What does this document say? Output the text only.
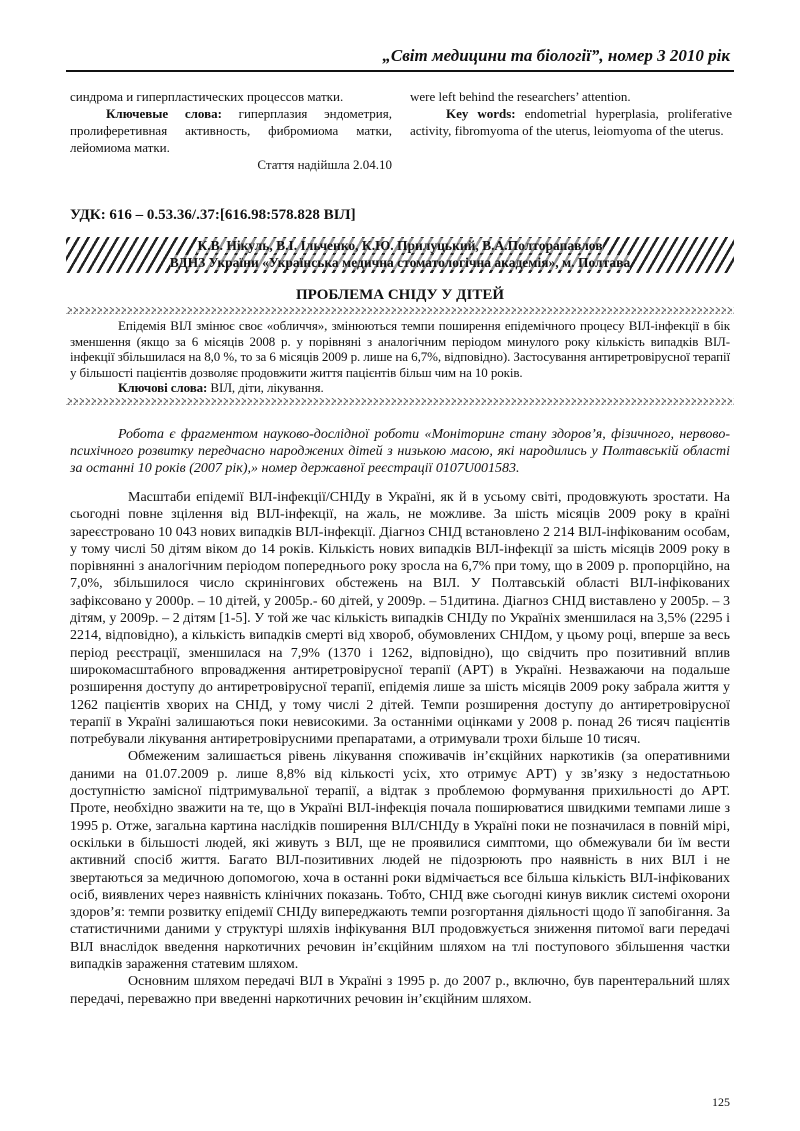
„Світ медицини та біології”, номер 3 2010 рік

синдрома и гиперпластических процессов матки.

Ключевые слова: гиперплазия эндометрия, пролиферетивная активность, фибромиома матки, лейомиома матки.

Стаття надійшла 2.04.10

were left behind the researchers’ attention.

Key words: endometrial hyperplasia, proliferative activity, fibromyoma of the uterus, leiomyoma of the uterus.

УДК: 616 – 0.53.36/.37:[616.98:578.828 ВІЛ]
К.В. Нікуль, В.І. Ільченко, К.Ю. Прилуцький, В.А.Полторапавлов
ВДНЗ України «Українська медична стоматологічна академія», м. Полтава
ПРОБЛЕМА СНІДУ У ДІТЕЙ

Епідемія ВІЛ змінює своє «обличчя», змінюються темпи поширення епідемічного процесу ВІЛ-інфекції в бік зменшення (якщо за 6 місяців 2008 р. у порівняні з аналогічним періодом минулого року кількість випадків ВІЛ-інфекції збільшилася на 8,0 %, то за 6 місяців 2009 р. лише на 6,7%, відповідно). Застосування антиретровірусної терапії у більшості пацієнтів дозволяє продовжити життя пацієнтів більш чим на 10 років.

Ключові слова: ВІЛ, діти, лікування.

Робота є фрагментом науково-дослідної роботи «Моніторинг стану здоров’я, фізичного, нервово-психічного розвитку передчасно народжених дітей з низькою масою, які народились у Полтавській області за останні 10 років (2007 рік),» номер державної реєстрації 0107U001583.

Масштаби епідемії ВІЛ-інфекції/СНІДу в Україні, як й в усьому світі, продовжують зростати. На сьогодні повне зцілення від ВІЛ-інфекції, на жаль, не можливе. За шість місяців 2009 року в країні зареєстровано 10 043 нових випадків ВІЛ-інфекції. Діагноз СНІД встановлено 2 214 ВІЛ-інфікованим особам, у тому числі 50 дітям віком до 14 років. Кількість нових випадків ВІЛ-інфекції за шість місяців 2009 року в порівнянні з аналогічним періодом попереднього року зросла на 6,7% при тому, що в 2009 р. пропорційно, на 7,0%, збільшилося число скринінгових обстежень на ВІЛ. У Полтавській області ВІЛ-інфікованих зафіксовано у 2000р. – 10 дітей, у 2005р.- 60 дітей, у 2009р. – 51дитина. Діагноз СНІД виставлено у 2005р. – 3 дітям, у 2009р. – 2 дітям [1-5]. У той же час кількість випадків СНІДу по Україніх зменшилася на 3,5% (2295 і 2214, відповідно), а кількість випадків смерті від хвороб, обумовлених СНІДом, у цьому році, вперше за весь період реєстрації, зменшилася на 7,9% (1370 і 1262, відповідно), що свідчить про позитивний вплив широкомасштабного впровадження антиретровірусної терапії (АРТ) в Україні. Незважаючи на подальше розширення доступу до антиретровірусної терапії, епідемія лише за шість місяців 2009 року забрала життя у 1262 пацієнтів хворих на СНІД, у тому числі 2 дітей. Темпи розширення доступу до антиретровірусної терапії в Україні залишаються поки невисокими. За останніми оцінками у 2008 р. понад 26 тисяч пацієнтів потребували лікування антиретровірусними препаратами, а отримували трохи більше 10 тисяч.

Обмеженим залишається рівень лікування споживачів ін’єкційних наркотиків (за оперативними даними на 01.07.2009 р. лише 8,8% від кількості усіх, хто отримує АРТ) у зв’язку з недостатньою доступністю замісної підтримувальної терапії, а відтак з проблемою формування прихильності до АРТ. Проте, необхідно зважити на те, що в Україні ВІЛ-інфекція почала поширюватися швидкими темпами лише з 1995 р. Отже, загальна картина наслідків поширення ВІЛ/СНІДу в Україні поки не позначилася в повній мірі, оскільки в більшості людей, які живуть з ВІЛ, ще не проявилися симптоми, що обмежували би їм вести активний спосіб життя. Багато ВІЛ-позитивних людей не підозрюють про наявність в них ВІЛ і не звертаються за медичною допомогою, хоча в останні роки відмічається все більша кількість ВІЛ-інфікованих осіб, виявлених через наявність клінічних показань. Тобто, СНІД вже сьогодні кинув виклик системі охорони здоров’я: темпи розвитку епідемії СНІДу випереджають темпи розгортання діяльності щодо її запобігання. За статистичними даними у структурі шляхів інфікування ВІЛ продовжується зниження питомої ваги передачі ВІЛ внаслідок введення наркотичних речовин ін’єкційним шляхом на тлі поступового збільшення частки випадків зараження статевим шляхом.

Основним шляхом передачі ВІЛ в Україні з 1995 р. до 2007 р., включно, був парентеральний шлях передачі, переважно при введенні наркотичних речовин ін’єкційним шляхом.

125
